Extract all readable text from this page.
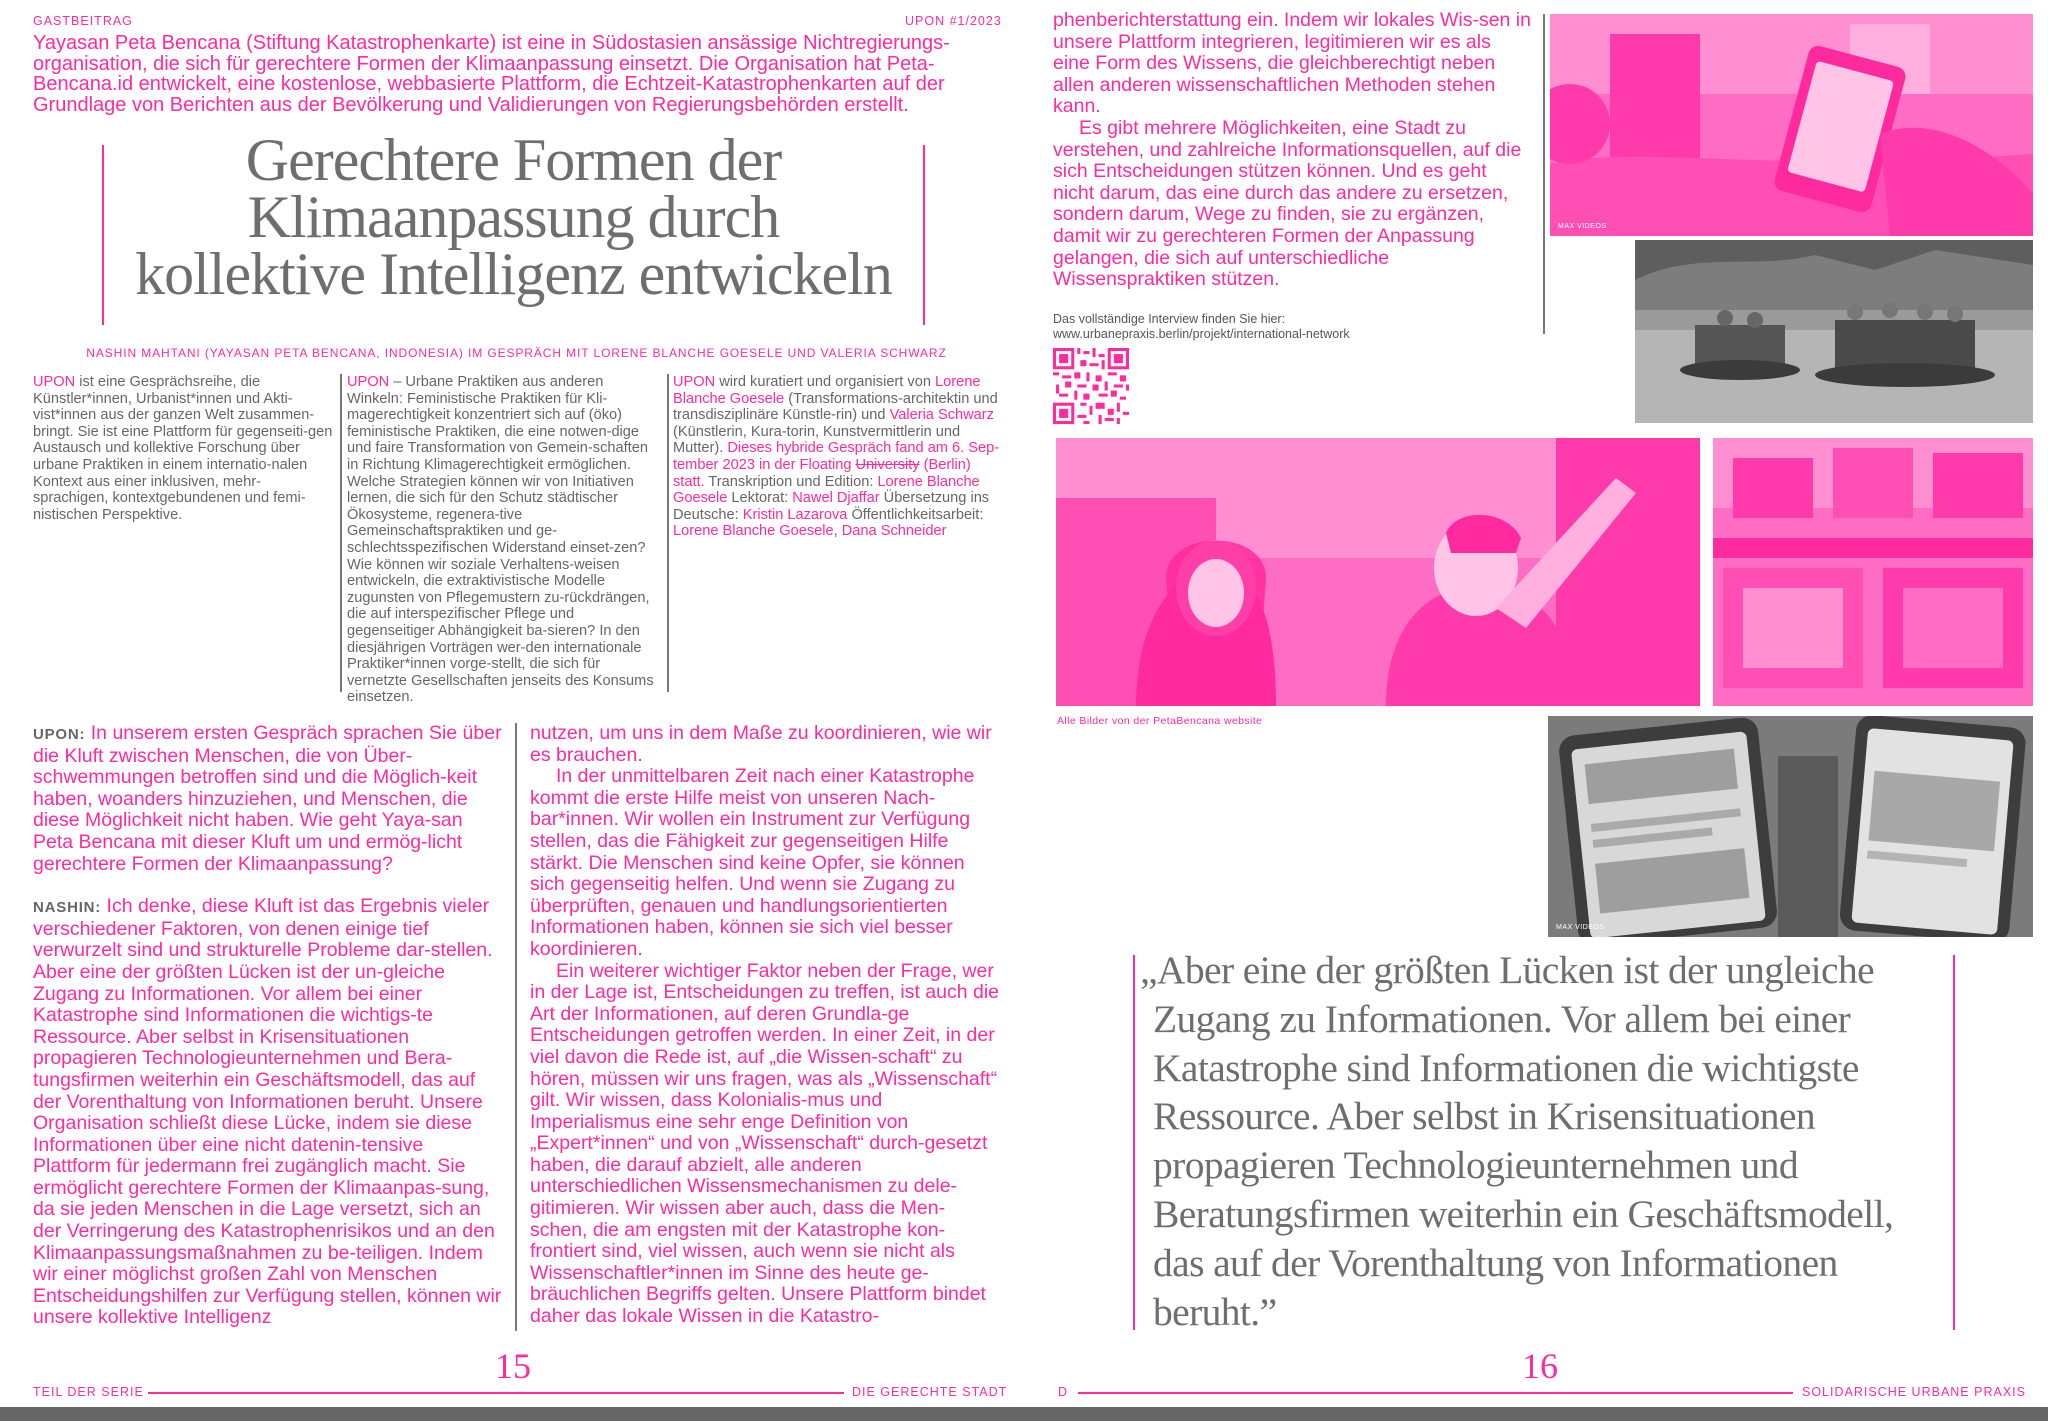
GASTBEITRAG	UPON #1/2023
Yayasan Peta Bencana (Stiftung Katastrophenkarte) ist eine in Südostasien ansässige Nichtregierungs-organisation, die sich für gerechtere Formen der Klimaanpassung einsetzt. Die Organisation hat Peta-Bencana.id entwickelt, eine kostenlose, webbasierte Plattform, die Echtzeit-Katastrophenkarten auf der Grundlage von Berichten aus der Bevölkerung und Validierungen von Regierungsbehörden erstellt.
Gerechtere Formen der
Klimaanpassung durch
kollektive Intelligenz entwickeln
NASHIN MAHTANI (YAYASAN PETA BENCANA, INDONESIA) IM GESPRÄCH MIT LORENE BLANCHE GOESELE UND VALERIA SCHWARZ
UPON ist eine Gesprächsreihe, die Künstler*innen, Urbanist*innen und Akti-vist*innen aus der ganzen Welt zusammen-bringt. Sie ist eine Plattform für gegenseiti-gen Austausch und kollektive Forschung über urbane Praktiken in einem internatio-nalen Kontext aus einer inklusiven, mehr-sprachigen, kontextgebundenen und femi-nistischen Perspektive.
UPON – Urbane Praktiken aus anderen Winkeln: Feministische Praktiken für Kli-magerechtigkeit konzentriert sich auf (öko) feministische Praktiken, die eine notwen-dige und faire Transformation von Gemein-schaften in Richtung Klimagerechtigkeit ermöglichen. Welche Strategien können wir von Initiativen lernen, die sich für den Schutz städtischer Ökosysteme, regenera-tive Gemeinschaftspraktiken und ge-schlechtsspezifischen Widerstand einset-zen? Wie können wir soziale Verhaltens-weisen entwickeln, die extraktivistische Modelle zugunsten von Pflegemustern zu-rückdrängen, die auf interspezifischer Pflege und gegenseitiger Abhängigkeit ba-sieren? In den diesjährigen Vorträgen wer-den internationale Praktiker*innen vorge-stellt, die sich für vernetzte Gesellschaften jenseits des Konsums einsetzen.
UPON wird kuratiert und organisiert von Lorene Blanche Goesele (Transformations-architektin und transdisziplinäre Künstle-rin) und Valeria Schwarz (Künstlerin, Kura-torin, Kunstvermittlerin und Mutter). Dieses hybride Gespräch fand am 6. Sep-tember 2023 in der Floating University (Berlin) statt. Transkription und Edition: Lorene Blanche Goesele Lektorat: Nawel Djaffar Übersetzung ins Deutsche: Kristin Lazarova Öffentlichkeitsarbeit: Lorene Blanche Goesele, Dana Schneider

UPON: In unserem ersten Gespräch sprachen Sie über die Kluft zwischen Menschen, die von Über-schwemmungen betroffen sind und die Möglich-keit haben, woanders hinzuziehen, und Menschen, die diese Möglichkeit nicht haben. Wie geht Yaya-san Peta Bencana mit dieser Kluft um und ermög-licht gerechtere Formen der Klimaanpassung?

NASHIN: Ich denke, diese Kluft ist das Ergebnis vieler verschiedener Faktoren, von denen einige tief verwurzelt sind und strukturelle Probleme dar-stellen. Aber eine der größten Lücken ist der un-gleiche Zugang zu Informationen. Vor allem bei einer Katastrophe sind Informationen die wichtigs-te Ressource. Aber selbst in Krisensituationen propagieren Technologieunternehmen und Bera-tungsfirmen weiterhin ein Geschäftsmodell, das auf der Vorenthaltung von Informationen beruht. Unsere Organisation schließt diese Lücke, indem sie diese Informationen über eine nicht datenin-tensive Plattform für jedermann frei zugänglich macht. Sie ermöglicht gerechtere Formen der Klimaanpas-sung, da sie jeden Menschen in die Lage versetzt, sich an der Verringerung des Katastrophenrisikos und an den Klimaanpassungsmaßnahmen zu be-teiligen. Indem wir einer möglichst großen Zahl von Menschen Entscheidungshilfen zur Verfügung stellen, können wir unsere kollektive Intelligenz

nutzen, um uns in dem Maße zu koordinieren, wie wir es brauchen.

In der unmittelbaren Zeit nach einer Katastrophe kommt die erste Hilfe meist von unseren Nach-bar*innen. Wir wollen ein Instrument zur Verfügung stellen, das die Fähigkeit zur gegenseitigen Hilfe stärkt. Die Menschen sind keine Opfer, sie können sich gegenseitig helfen. Und wenn sie Zugang zu überprüften, genauen und handlungsorientierten Informationen haben, können sie sich viel besser koordinieren.

Ein weiterer wichtiger Faktor neben der Frage, wer in der Lage ist, Entscheidungen zu treffen, ist auch die Art der Informationen, auf deren Grundla-ge Entscheidungen getroffen werden. In einer Zeit, in der viel davon die Rede ist, auf „die Wissen-schaft“ zu hören, müssen wir uns fragen, was als „Wissenschaft“ gilt. Wir wissen, dass Kolonialis-mus und Imperialismus eine sehr enge Definition von „Expert*innen“ und von „Wissenschaft“ durch-gesetzt haben, die darauf abzielt, alle anderen unterschiedlichen Wissensmechanismen zu dele-gitimieren. Wir wissen aber auch, dass die Men-schen, die am engsten mit der Katastrophe kon-frontiert sind, viel wissen, auch wenn sie nicht als Wissenschaftler*innen im Sinne des heute ge-bräuchlichen Begriffs gelten. Unsere Plattform bindet daher das lokale Wissen in die Katastro-

15
TEIL DER SERIE	DIE GERECHTE STADT

phenberichterstattung ein. Indem wir lokales Wis-sen in unsere Plattform integrieren, legitimieren wir es als eine Form des Wissens, die gleichberechtigt neben allen anderen wissenschaftlichen Methoden stehen kann.

Es gibt mehrere Möglichkeiten, eine Stadt zu verstehen, und zahlreiche Informationsquellen, auf die sich Entscheidungen stützen können. Und es geht nicht darum, das eine durch das andere zu ersetzen, sondern darum, Wege zu finden, sie zu ergänzen, damit wir zu gerechteren Formen der Anpassung gelangen, die sich auf unterschiedliche Wissenspraktiken stützen.

Das vollständige Interview finden Sie hier:
www.urbanepraxis.berlin/projekt/international-network
MAX VIDEOS
Alle Bilder von der PetaBencana website
MAX VIDEOS
„Aber eine der größten Lücken ist der ungleiche Zugang zu Informationen. Vor allem bei einer Katastrophe sind Informationen die wichtigste Ressource. Aber selbst in Krisensituationen propagieren Technologieunternehmen und Beratungsfirmen weiterhin ein Geschäftsmodell, das auf der Vorenthaltung von Informationen beruht.”
16
D	SOLIDARISCHE URBANE PRAXIS
